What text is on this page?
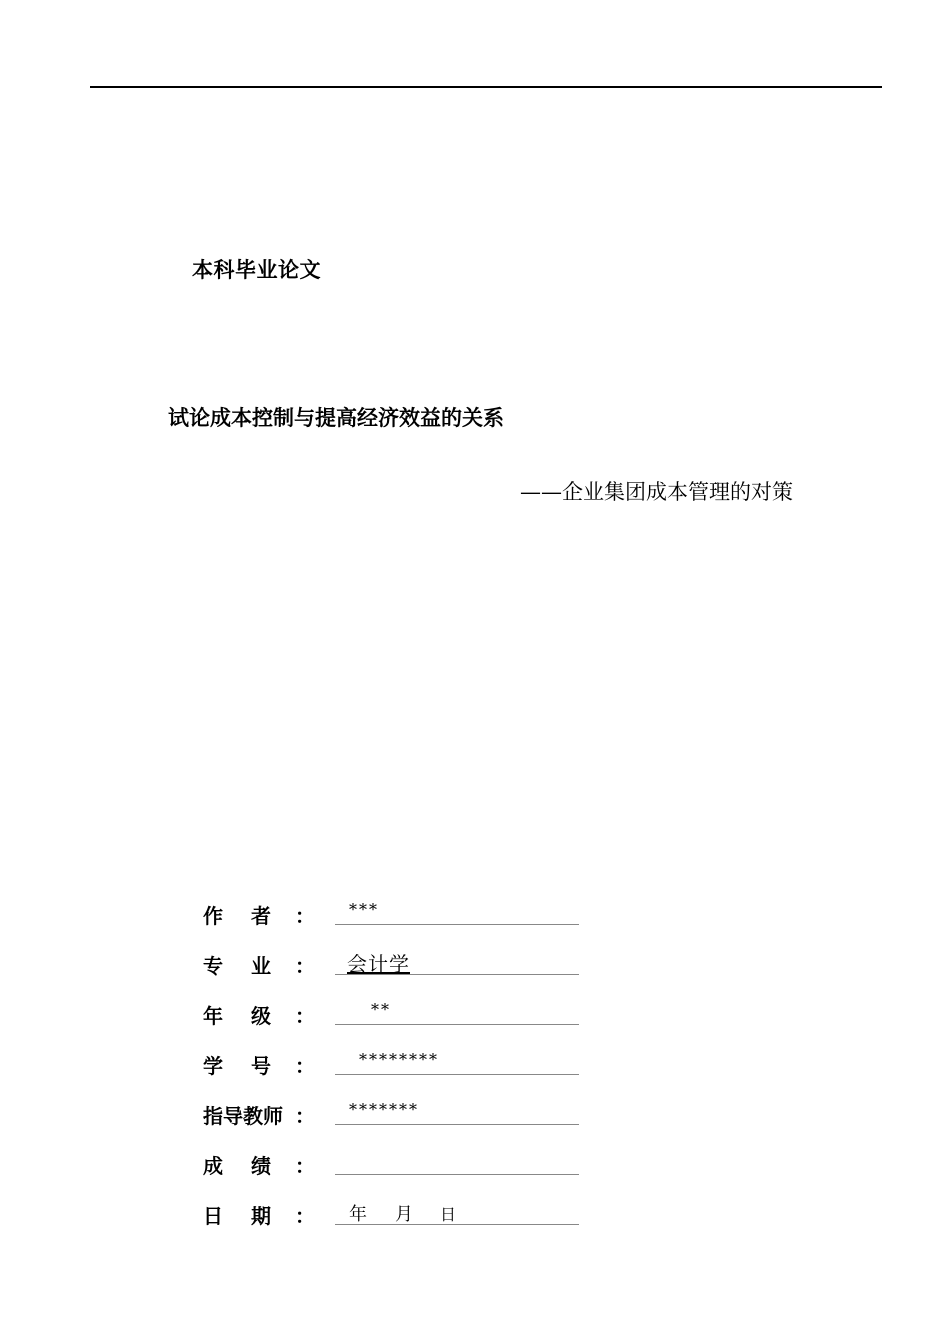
本科毕业论文
试论成本控制与提高经济效益的关系
——企业集团成本管理的对策
作 者 ： ***
专 业 ： 会计学
年 级 ：	**
学 号 ：	********
指导教师 ： *******
成 绩 ：
日 期 ： 年 月 日
